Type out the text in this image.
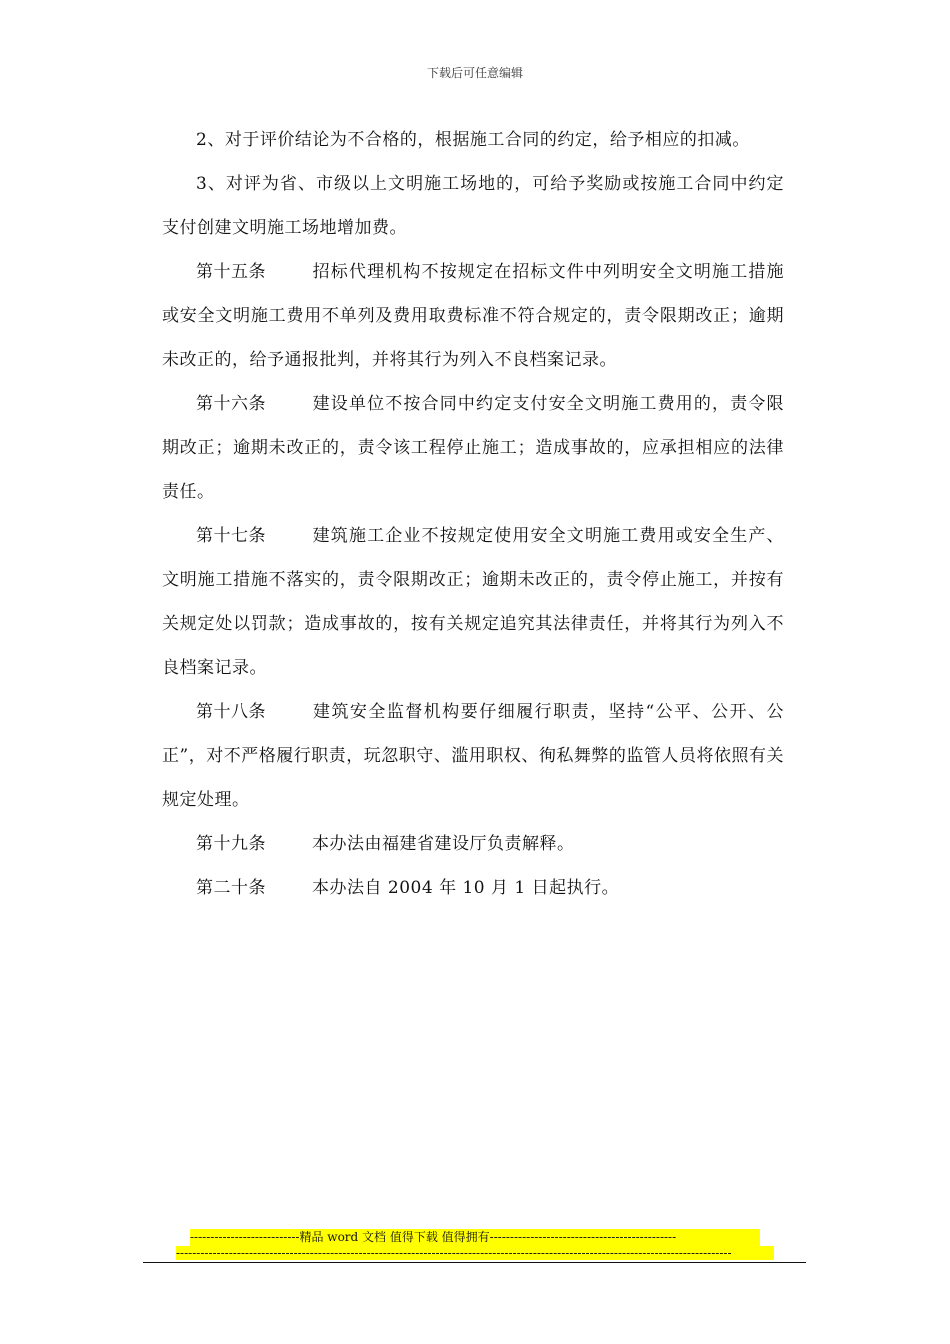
下载后可任意编辑

2、对于评价结论为不合格的，根据施工合同的约定，给予相应的扣减。

3、对评为省、市级以上文明施工场地的，可给予奖励或按施工合同中约定支付创建文明施工场地增加费。

第十五条	招标代理机构不按规定在招标文件中列明安全文明施工措施或安全文明施工费用不单列及费用取费标准不符合规定的，责令限期改正；逾期未改正的，给予通报批判，并将其行为列入不良档案记录。

第十六条	建设单位不按合同中约定支付安全文明施工费用的，责令限期改正；逾期未改正的，责令该工程停止施工；造成事故的，应承担相应的法律责任。

第十七条	建筑施工企业不按规定使用安全文明施工费用或安全生产、文明施工措施不落实的，责令限期改正；逾期未改正的，责令停止施工，并按有关规定处以罚款；造成事故的，按有关规定追究其法律责任，并将其行为列入不良档案记录。

第十八条	建筑安全监督机构要仔细履行职责，坚持“公平、公开、公正”，对不严格履行职责，玩忽职守、滥用职权、徇私舞弊的监管人员将依照有关规定处理。

第十九条	本办法由福建省建设厅负责解释。

第二十条	本办法自 2004 年 10 月 1 日起执行。

---------------------------精品 word 文档 值得下载 值得拥有----------------------------------------------
-----------------------------------------------------------------------------------------------------------------------------------------
